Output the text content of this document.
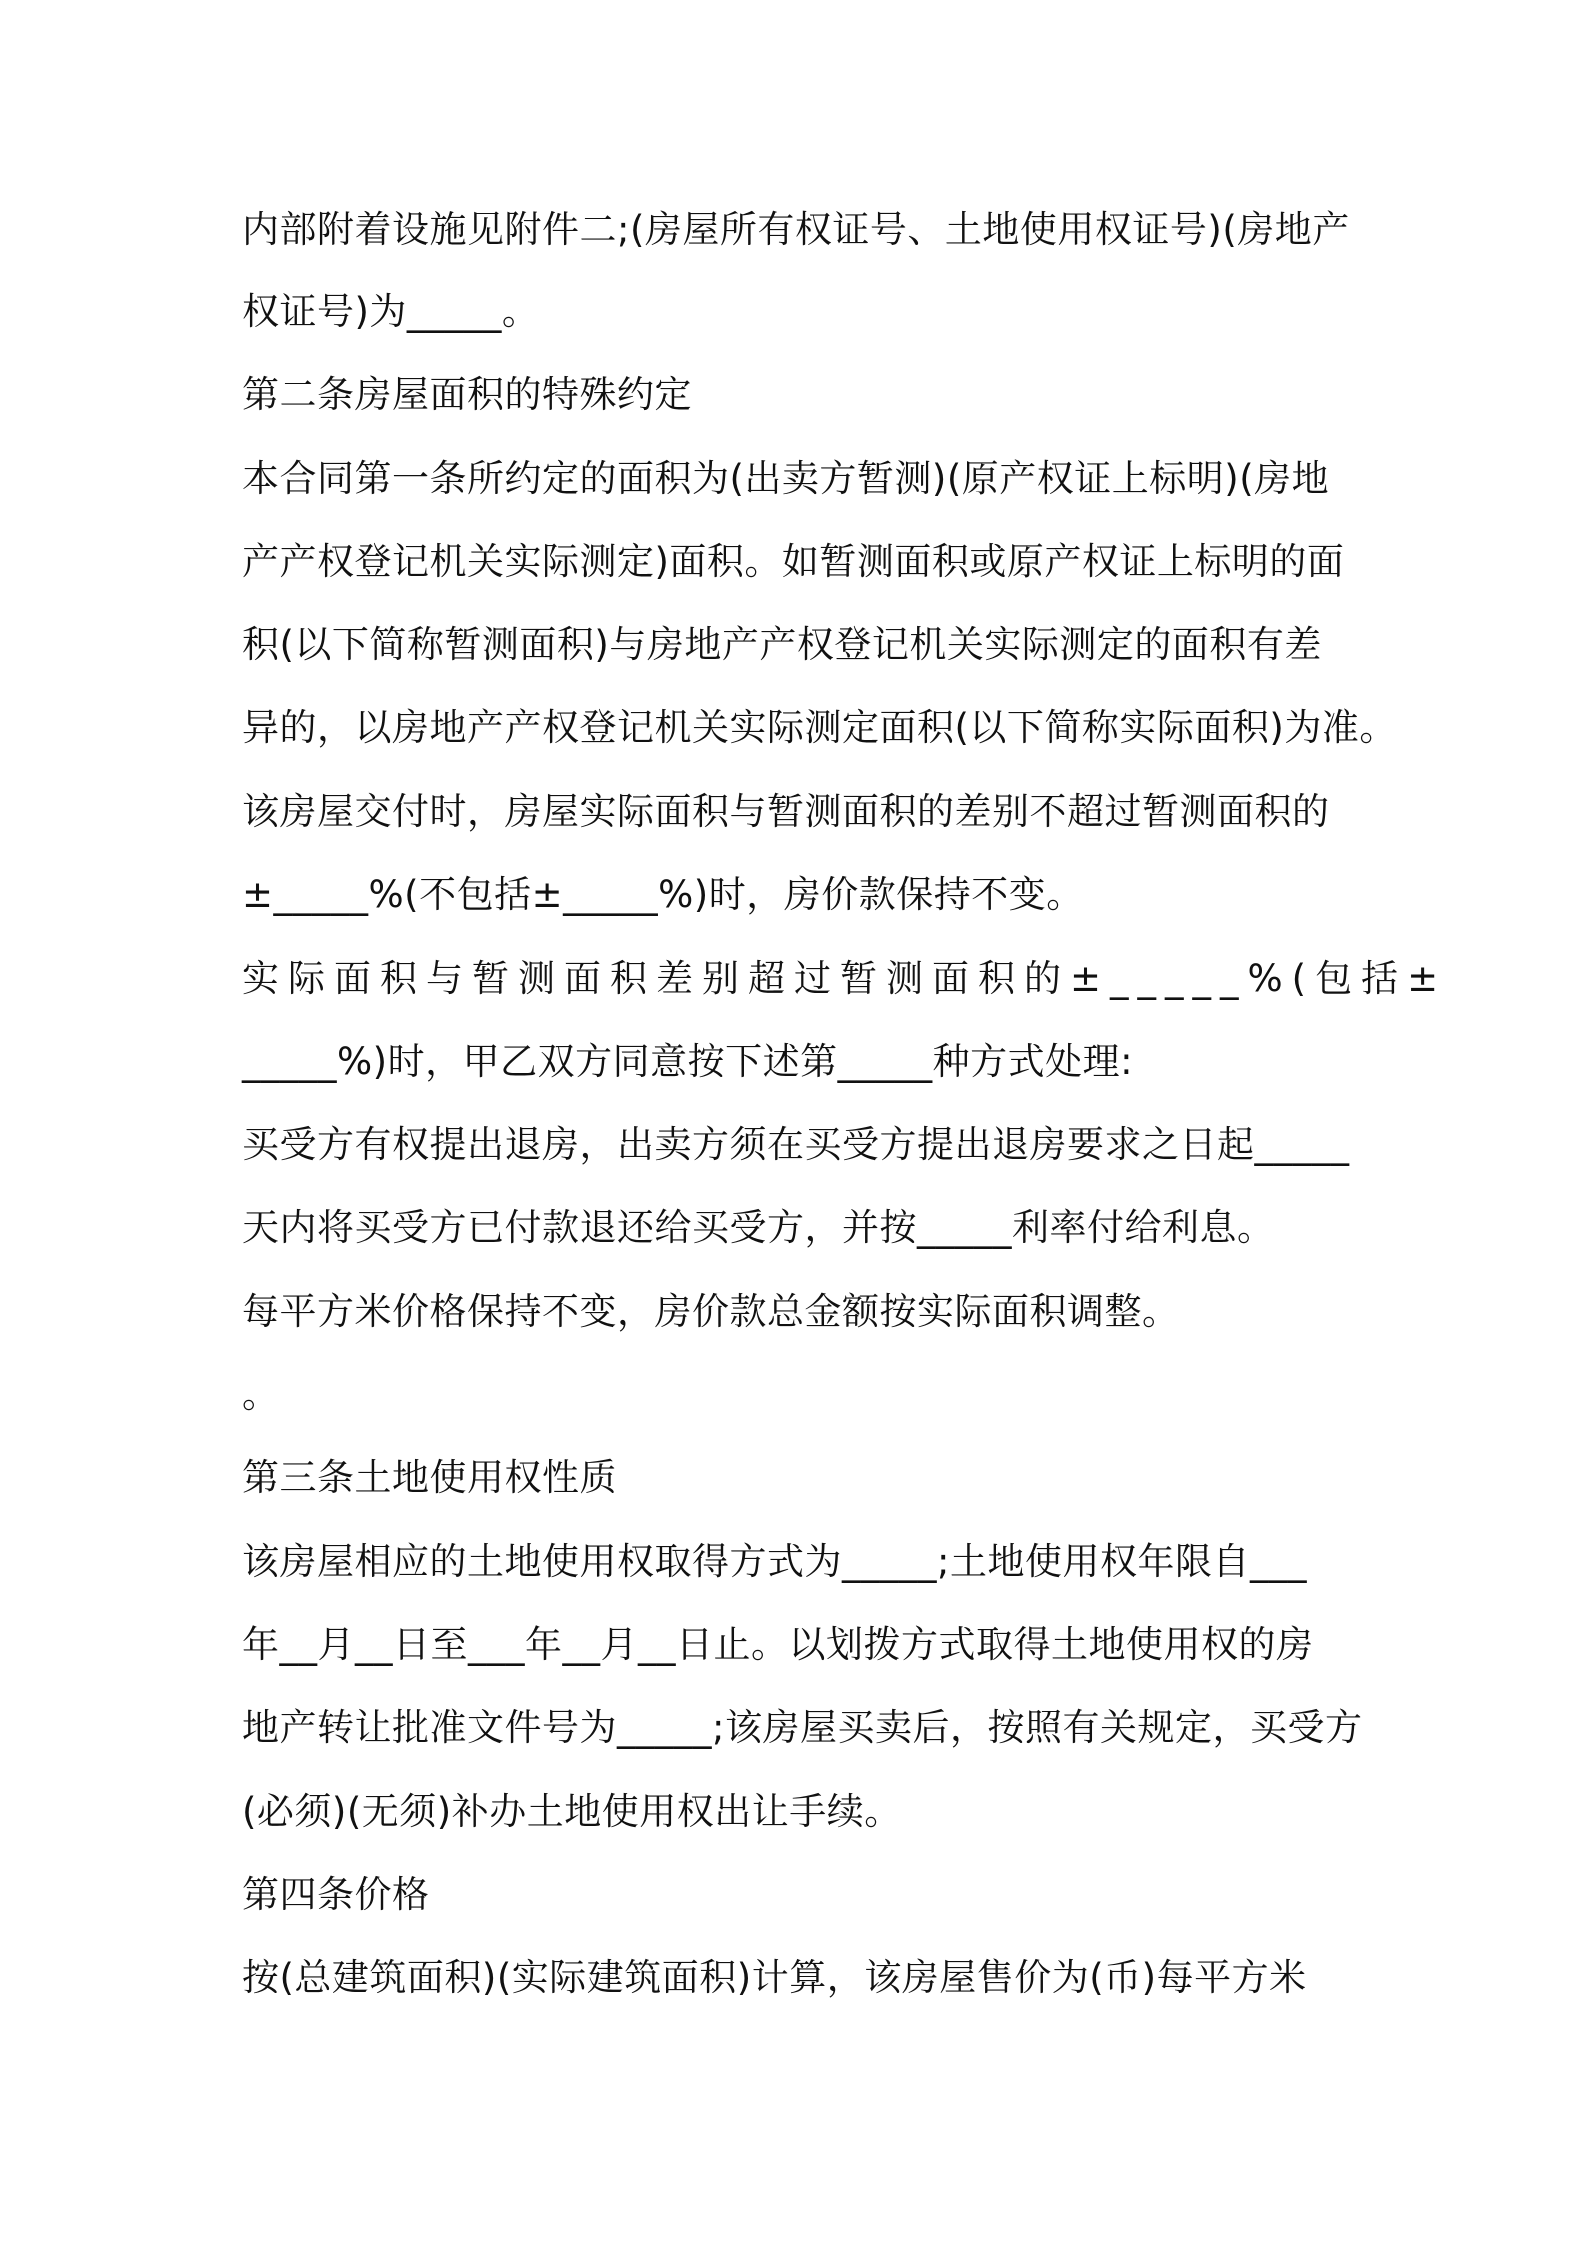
内部附着设施见附件二;(房屋所有权证号、土地使用权证号)(房地产
权证号)为_____。
第二条房屋面积的特殊约定
本合同第一条所约定的面积为(出卖方暂测)(原产权证上标明)(房地
产产权登记机关实际测定)面积。如暂测面积或原产权证上标明的面
积(以下简称暂测面积)与房地产产权登记机关实际测定的面积有差
异的，以房地产产权登记机关实际测定面积(以下简称实际面积)为准。
该房屋交付时，房屋实际面积与暂测面积的差别不超过暂测面积的
±_____%(不包括±_____%)时，房价款保持不变。
实际面积与暂测面积差别超过暂测面积的±_____%(包括±
_____%)时，甲乙双方同意按下述第_____种方式处理:
买受方有权提出退房，出卖方须在买受方提出退房要求之日起_____
天内将买受方已付款退还给买受方，并按_____利率付给利息。
每平方米价格保持不变，房价款总金额按实际面积调整。
。
第三条土地使用权性质
该房屋相应的土地使用权取得方式为_____;土地使用权年限自___
年__月__日至___年__月__日止。以划拨方式取得土地使用权的房
地产转让批准文件号为_____;该房屋买卖后，按照有关规定，买受方
(必须)(无须)补办土地使用权出让手续。
第四条价格
按(总建筑面积)(实际建筑面积)计算，该房屋售价为(币)每平方米
